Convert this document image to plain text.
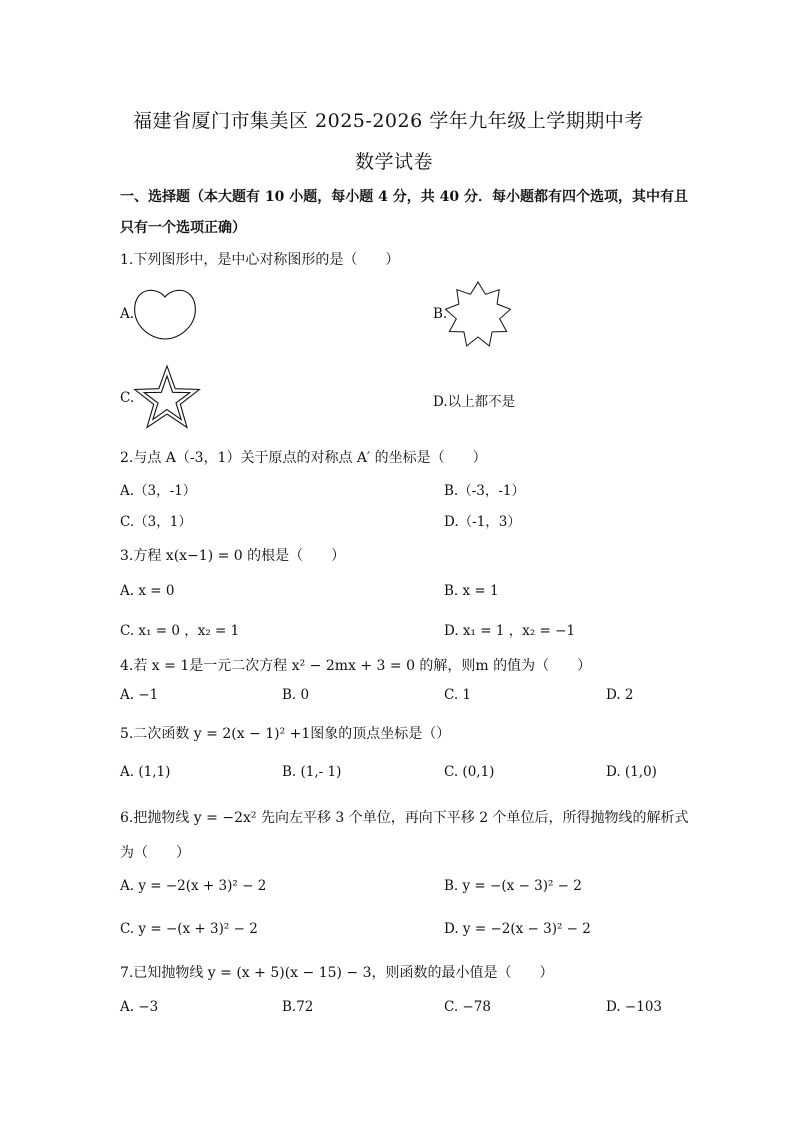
福建省厦门市集美区 2025-2026 学年九年级上学期期中考
数学试卷
一、选择题（本大题有 10 小题，每小题 4 分，共 40 分．每小题都有四个选项，其中有且
只有一个选项正确）
1.下列图形中，是中心对称图形的是（　　）
A.	B.
C.	D.以上都不是
2.与点 A（-3，1）关于原点的对称点 A′ 的坐标是（　　）
A.（3，-1）	B.（-3，-1）
C.（3，1）	D.（-1，3）
3.方程 x(x−1) = 0 的根是（　　）
A. x = 0	B. x = 1
C. x₁ = 0 ，x₂ = 1	D. x₁ = 1 ，x₂ = −1
4.若 x = 1是一元二次方程 x² − 2mx + 3 = 0 的解，则m 的值为（　　）
A. −1	B. 0	C. 1	D. 2
5.二次函数 y = 2(x − 1)² +1图象的顶点坐标是（）
A. (1,1)	B. (1,- 1)	C. (0,1)	D. (1,0)
6.把抛物线 y = −2x² 先向左平移 3 个单位，再向下平移 2 个单位后，所得抛物线的解析式
为（　　）
A. y = −2(x + 3)² − 2	B. y = −(x − 3)² − 2
C. y = −(x + 3)² − 2	D. y = −2(x − 3)² − 2
7.已知抛物线 y = (x + 5)(x − 15) − 3，则函数的最小值是（　　）
A. −3	B.72	C. −78	D. −103
